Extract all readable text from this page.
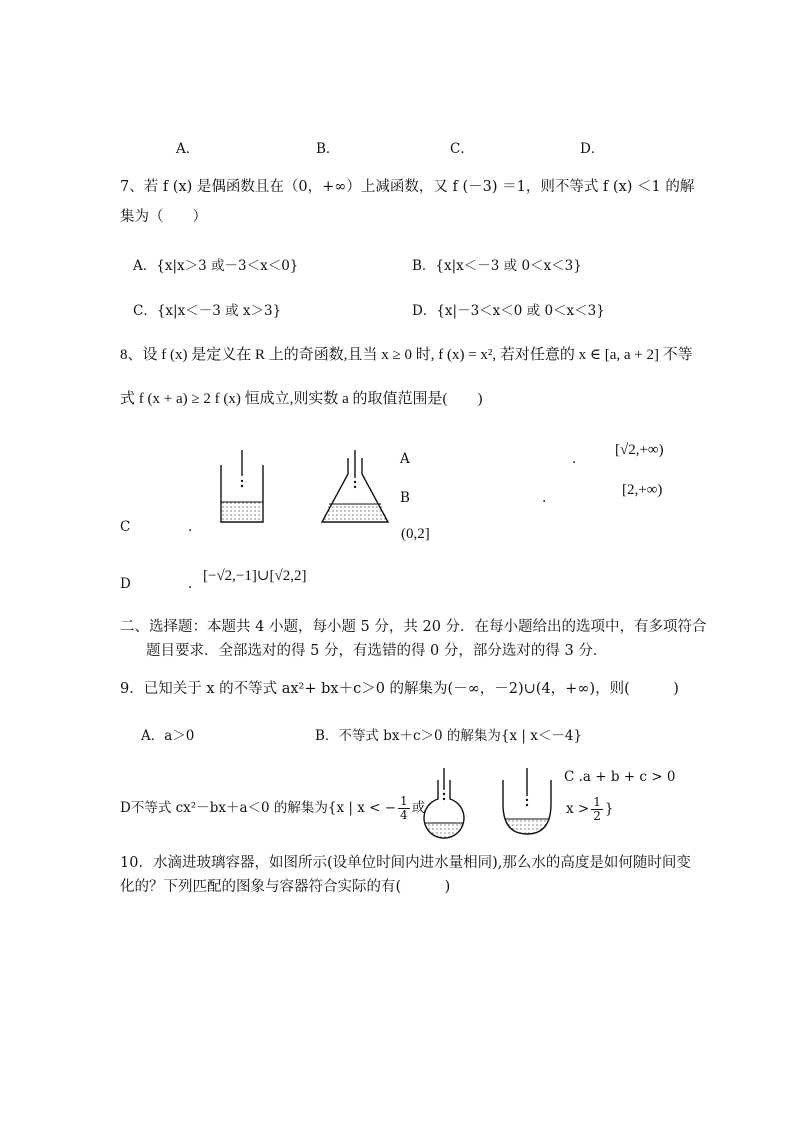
A．	B．	C．	D．
7、若 f (x) 是偶函数且在（0，+∞）上减函数，又 f (－3) ＝1，则不等式 f (x) ＜1 的解
集为（　　）
A．{x|x＞3 或－3＜x＜0}	B．{x|x＜－3 或 0＜x＜3}
C．{x|x＜－3 或 x＞3}	D．{x|－3＜x＜0 或 0＜x＜3}
8、设 f (x) 是定义在 R 上的奇函数,且当 x ≥ 0 时, f (x) = x², 若对任意的 x ∈ [a, a + 2] 不等
式 f (x + a) ≥ 2 f (x) 恒成立,则实数 a 的取值范围是(　　)
A	.
[√2,+∞)
B	.	[2,+∞)
C	.	(0,2]
D	. [−√2,−1]∪[√2,2]
二、选择题：本题共 4 小题，每小题 5 分，共 20 分．在每小题给出的选项中，有多项符合
题目要求．全部选对的得 5 分，有选错的得 0 分，部分选对的得 3 分．
9．已知关于 x 的不等式 ax²+ bx＋c＞0 的解集为(－∞，－2)∪(4，+∞)，则(　　　)
A．a＞0	B．不等式 bx＋c＞0 的解集为{x | x＜－4}
C .a + b + c > 0
D不等式 cx²－bx＋a＜0 的解集为{x | x < − $\frac{1}{4}$ 或	$x > \frac{1}{2}$ }
10．水滴进玻璃容器，如图所示(设单位时间内进水量相同),那么水的高度是如何随时间变
化的？下列匹配的图象与容器符合实际的有(　　　)
